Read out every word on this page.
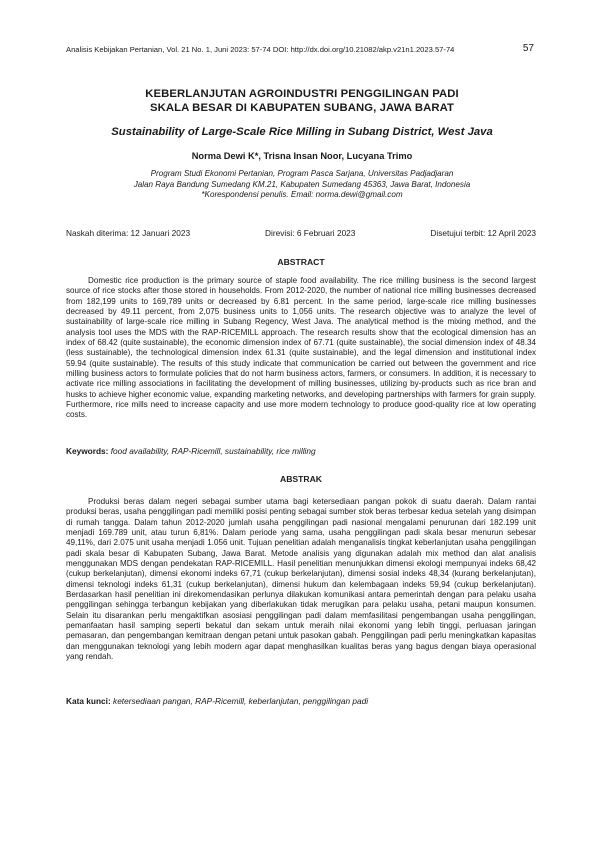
Analisis Kebijakan Pertanian, Vol. 21 No. 1, Juni 2023: 57-74 DOI: http://dx.doi.org/10.21082/akp.v21n1.2023.57-74	57
KEBERLANJUTAN AGROINDUSTRI PENGGILINGAN PADI
SKALA BESAR DI KABUPATEN SUBANG, JAWA BARAT
Sustainability of Large-Scale Rice Milling in Subang District, West Java
Norma Dewi K*, Trisna Insan Noor, Lucyana Trimo
Program Studi Ekonomi Pertanian, Program Pasca Sarjana, Universitas Padjadjaran
Jalan Raya Bandung Sumedang KM.21, Kabupaten Sumedang 45363, Jawa Barat, Indonesia
*Korespondensi penulis. Email: norma.dewi@gmail.com
Naskah diterima: 12 Januari 2023	Direvisi: 6 Februari 2023	Disetujui terbit: 12 April 2023
ABSTRACT

Domestic rice production is the primary source of staple food availability. The rice milling business is the second largest source of rice stocks after those stored in households. From 2012-2020, the number of national rice milling businesses decreased from 182,199 units to 169,789 units or decreased by 6.81 percent. In the same period, large-scale rice milling businesses decreased by 49.11 percent, from 2,075 business units to 1,056 units. The research objective was to analyze the level of sustainability of large-scale rice milling in Subang Regency, West Java. The analytical method is the mixing method, and the analysis tool uses the MDS with the RAP-RICEMILL approach. The research results show that the ecological dimension has an index of 68.42 (quite sustainable), the economic dimension index of 67.71 (quite sustainable), the social dimension index of 48.34 (less sustainable), the technological dimension index 61.31 (quite sustainable), and the legal dimension and institutional index 59.94 (quite sustainable). The results of this study indicate that communication be carried out between the government and rice milling business actors to formulate policies that do not harm business actors, farmers, or consumers. In addition, it is necessary to activate rice milling associations in facilitating the development of milling businesses, utilizing by-products such as rice bran and husks to achieve higher economic value, expanding marketing networks, and developing partnerships with farmers for grain supply. Furthermore, rice mills need to increase capacity and use more modern technology to produce good-quality rice at low operating costs.

Keywords: food availability, RAP-Ricemill, sustainability, rice milling
ABSTRAK

Produksi beras dalam negeri sebagai sumber utama bagi ketersediaan pangan pokok di suatu daerah. Dalam rantai produksi beras, usaha penggilingan padi memiliki posisi penting sebagai sumber stok beras terbesar kedua setelah yang disimpan di rumah tangga. Dalam tahun 2012-2020 jumlah usaha penggilingan padi nasional mengalami penurunan dari 182.199 unit menjadi 169.789 unit, atau turun 6,81%. Dalam periode yang sama, usaha penggilingan padi skala besar menurun sebesar 49,11%, dari 2.075 unit usaha menjadi 1.056 unit. Tujuan penelitian adalah menganalisis tingkat keberlanjutan usaha penggilingan padi skala besar di Kabupaten Subang, Jawa Barat. Metode analisis yang digunakan adalah mix method dan alat analisis menggunakan MDS dengan pendekatan RAP-RICEMILL. Hasil penelitian menunjukkan dimensi ekologi mempunyai indeks 68,42 (cukup berkelanjutan), dimensi ekonomi indeks 67,71 (cukup berkelanjutan), dimensi sosial indeks 48,34 (kurang berkelanjutan), dimensi teknologi indeks 61,31 (cukup berkelanjutan), dimensi hukum dan kelembagaan indeks 59,94 (cukup berkelanjutan). Berdasarkan hasil penelitian ini direkomendasikan perlunya dilakukan komunikasi antara pemerintah dengan para pelaku usaha penggilingan sehingga terbangun kebijakan yang diberlakukan tidak merugikan para pelaku usaha, petani maupun konsumen. Selain itu disarankan perlu mengaktifkan asosiasi penggilingan padi dalam memfasilitasi pengembangan usaha penggilingan, pemanfaatan hasil samping seperti bekatul dan sekam untuk meraih nilai ekonomi yang lebih tinggi, perluasan jaringan pemasaran, dan pengembangan kemitraan dengan petani untuk pasokan gabah. Penggilingan padi perlu meningkatkan kapasitas dan menggunakan teknologi yang lebih modern agar dapat menghasilkan kualitas beras yang bagus dengan biaya operasional yang rendah.

Kata kunci: ketersediaan pangan, RAP-Ricemill, keberlanjutan, penggilingan padi
